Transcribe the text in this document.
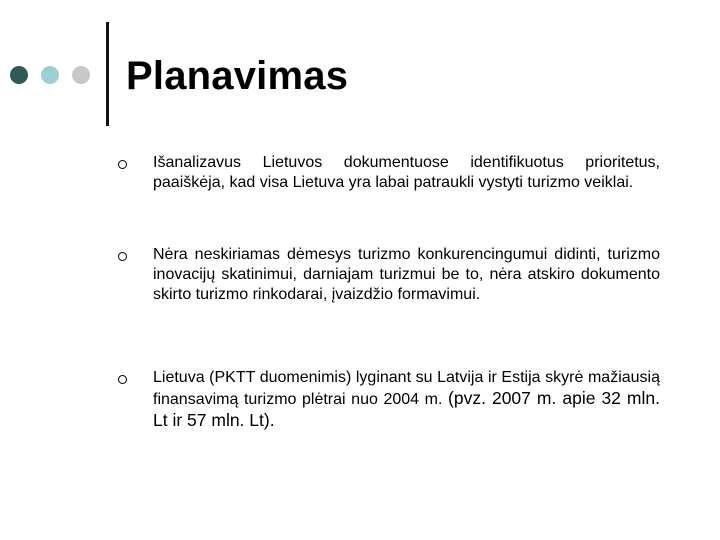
Planavimas
Išanalizavus Lietuvos dokumentuose identifikuotus prioritetus, paaiškėja, kad visa Lietuva yra labai patraukli vystyti turizmo veiklai.
Nėra neskiriamas dėmesys turizmo konkurencingumui didinti, turizmo inovacijų skatinimui, darniajam turizmui be to, nėra atskiro dokumento skirto turizmo rinkodarai, įvaizdžio formavimui.
Lietuva (PKTT duomenimis) lyginant su Latvija ir Estija skyrė mažiausią finansavimą turizmo plėtrai nuo 2004 m. (pvz. 2007 m. apie 32 mln. Lt ir 57 mln. Lt).
